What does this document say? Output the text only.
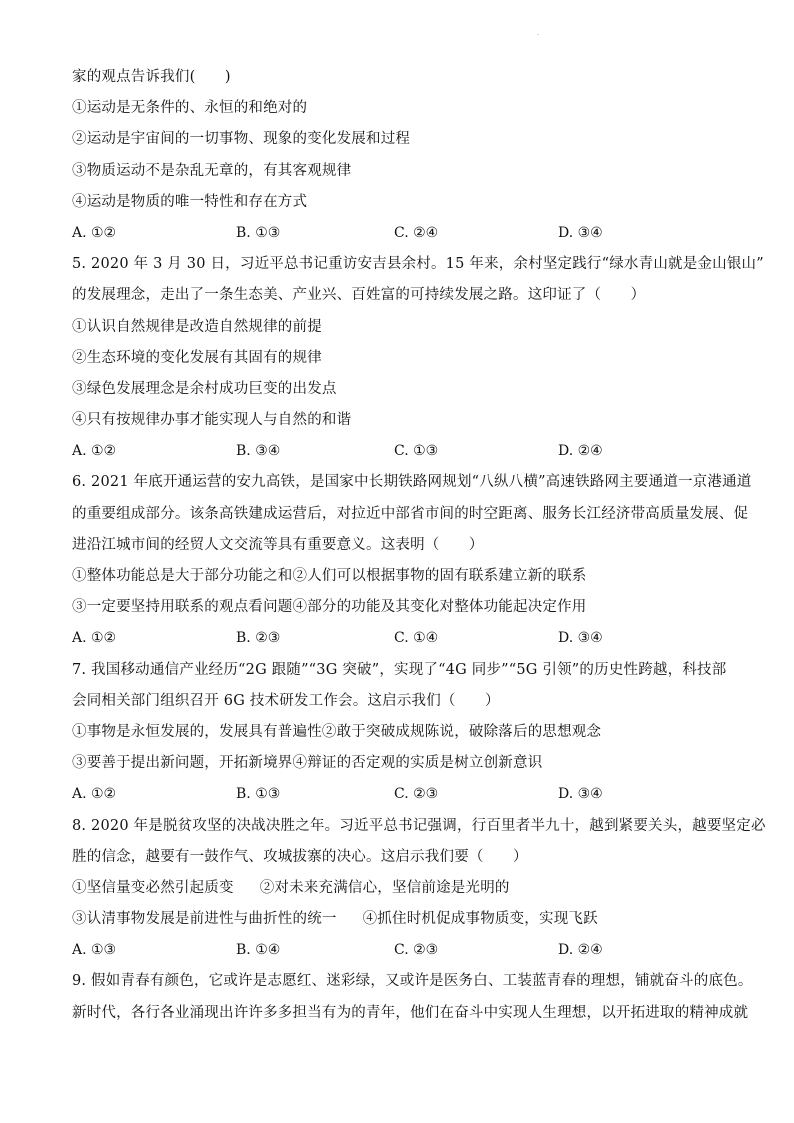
.
家的观点告诉我们(　　)
①运动是无条件的、永恒的和绝对的
②运动是宇宙间的一切事物、现象的变化发展和过程
③物质运动不是杂乱无章的，有其客观规律
④运动是物质的唯一特性和存在方式
A. ①②	B. ①③	C. ②④	D. ③④
5. 2020 年 3 月 30 日，习近平总书记重访安吉县余村。15 年来，余村坚定践行“绿水青山就是金山银山”
的发展理念，走出了一条生态美、产业兴、百姓富的可持续发展之路。这印证了（　　）
①认识自然规律是改造自然规律的前提
②生态环境的变化发展有其固有的规律
③绿色发展理念是余村成功巨变的出发点
④只有按规律办事才能实现人与自然的和谐
A. ①②	B. ③④	C. ①③	D. ②④
6. 2021 年底开通运营的安九高铁，是国家中长期铁路网规划“八纵八横”高速铁路网主要通道一京港通道
的重要组成部分。该条高铁建成运营后，对拉近中部省市间的时空距离、服务长江经济带高质量发展、促
进沿江城市间的经贸人文交流等具有重要意义。这表明（　　）
①整体功能总是大于部分功能之和②人们可以根据事物的固有联系建立新的联系
③一定要坚持用联系的观点看问题④部分的功能及其变化对整体功能起决定作用
A. ①②	B. ②③	C. ①④	D. ③④
7. 我国移动通信产业经历“2G 跟随”“3G 突破”，实现了“4G 同步”“5G 引领”的历史性跨越，科技部
会同相关部门组织召开 6G 技术研发工作会。这启示我们（　　）
①事物是永恒发展的，发展具有普遍性②敢于突破成规陈说，破除落后的思想观念
③要善于提出新问题，开拓新境界④辩证的否定观的实质是树立创新意识
A. ①②	B. ①③	C. ②③	D. ③④
8. 2020 年是脱贫攻坚的决战决胜之年。习近平总书记强调，行百里者半九十，越到紧要关头，越要坚定必
胜的信念，越要有一鼓作气、攻城拔寨的决心。这启示我们要（　　）
①坚信量变必然引起质变 ②对未来充满信心，坚信前途是光明的
③认清事物发展是前进性与曲折性的统一 ④抓住时机促成事物质变，实现飞跃
A. ①③	B. ①④	C. ②③	D. ②④
9. 假如青春有颜色，它或许是志愿红、迷彩绿，又或许是医务白、工装蓝青春的理想，铺就奋斗的底色。
新时代，各行各业涌现出许许多多担当有为的青年，他们在奋斗中实现人生理想，以开拓进取的精神成就
